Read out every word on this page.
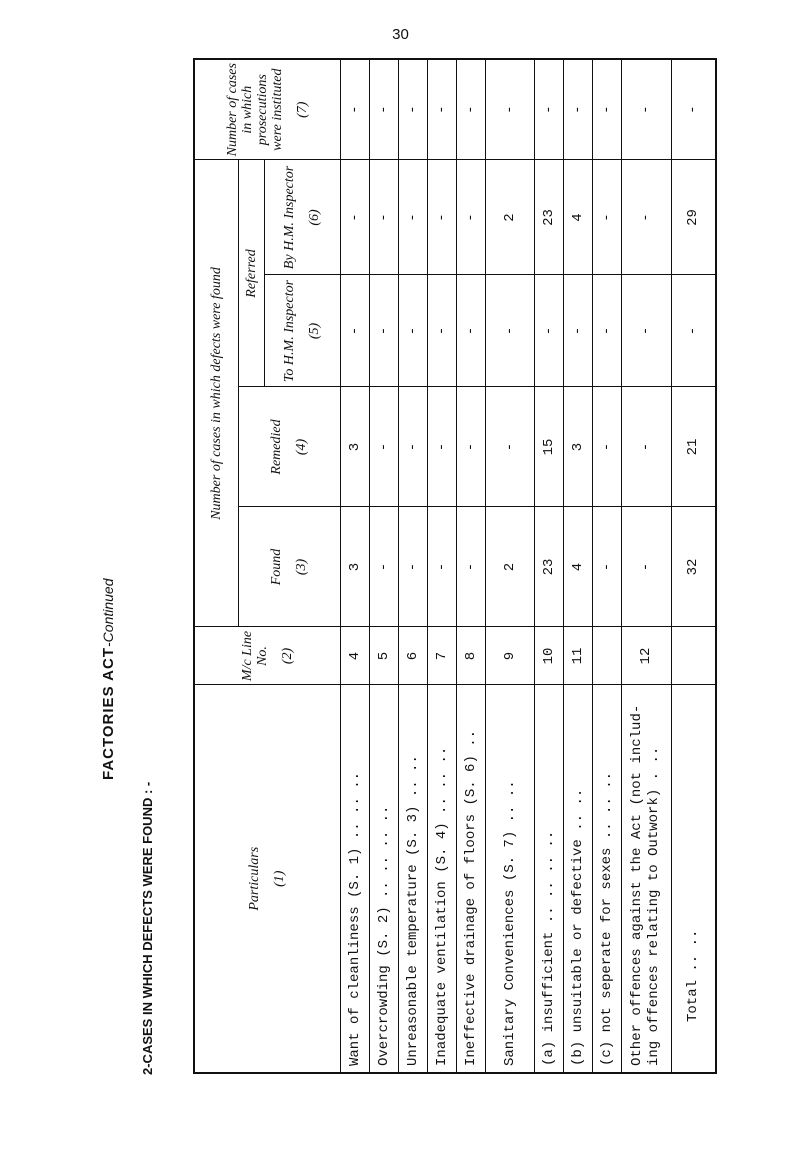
30
FACTORIES ACT-Continued
2-CASES IN WHICH DEFECTS WERE FOUND : -	Particulars (1)	M/c Line No. (2)	Number of cases in which defects were found				Number of cases in which prosecutions were instituted (7)

		Found (3)	Remedied (4)	Referred		
				To H.M. Inspector (5)	By H.M. Inspector (6)	

Want of cleanliness (S. 1) .. .. ..	4	3	3	-	-	-
Overcrowding (S. 2) .. .. .. ..	5	-	-	-	-	-
Unreasonable temperature (S. 3) .. ..	6	-	-	-	-	-
Inadequate ventilation (S. 4) .. .. ..	7	-	-	-	-	-
Ineffective drainage of floors (S. 6) ..	8	-	-	-	-	-
Sanitary Conveniences (S. 7) .. ..	9	2	-	-	2	-
(a) insufficient .. .. .. ..	10	23	15	-	23	-
(b) unsuitable or defective .. ..	11	4	3	-	4	-
(c) not seperate for sexes .. .. ..		-	-	-	-	-
Other offences against the Act (not includ-
ing offences relating to Outwork) . ..	12	-	-	-	-	-
Total .. ..		32	21	-	29	-
